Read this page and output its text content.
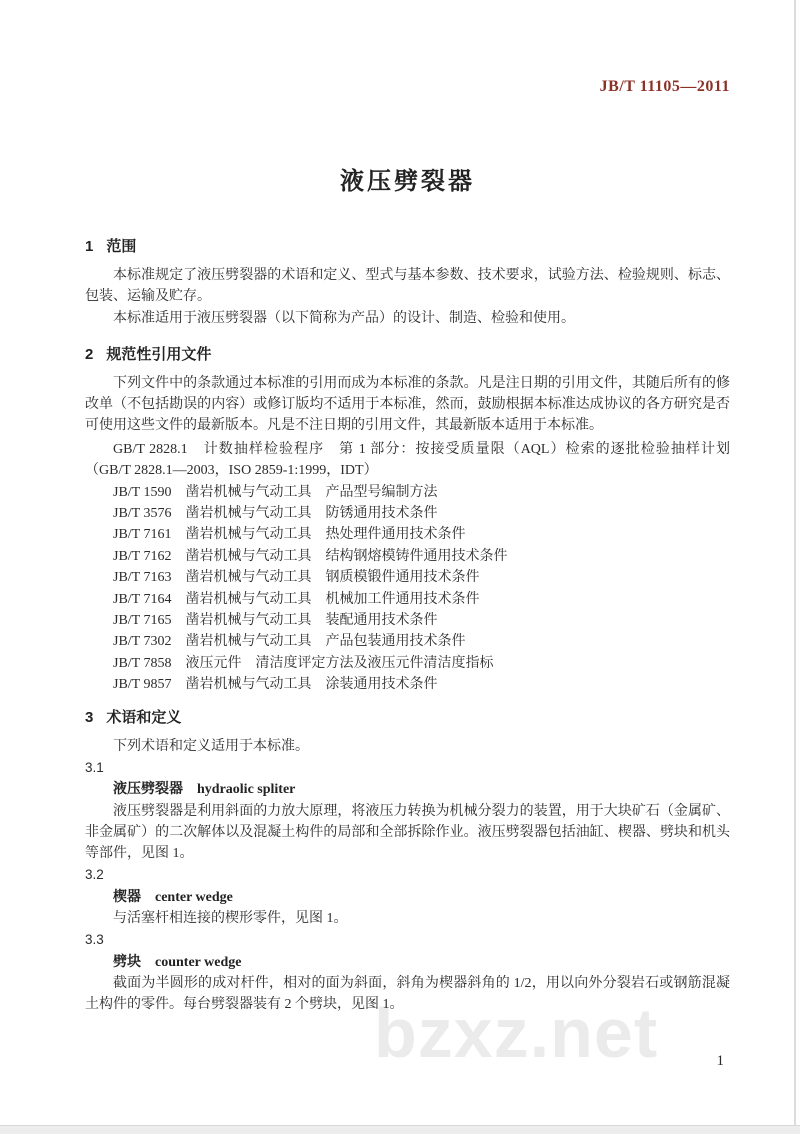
bzxz.net
JB/T 11105—2011
液压劈裂器
1 范围

本标准规定了液压劈裂器的术语和定义、型式与基本参数、技术要求，试验方法、检验规则、标志、包装、运输及贮存。

本标准适用于液压劈裂器（以下简称为产品）的设计、制造、检验和使用。

2 规范性引用文件

下列文件中的条款通过本标准的引用而成为本标准的条款。凡是注日期的引用文件，其随后所有的修改单（不包括勘误的内容）或修订版均不适用于本标准，然而，鼓励根据本标准达成协议的各方研究是否可使用这些文件的最新版本。凡是不注日期的引用文件，其最新版本适用于本标准。

GB/T 2828.1　计数抽样检验程序　第 1 部分：按接受质量限（AQL）检索的逐批检验抽样计划（GB/T 2828.1—2003，ISO 2859-1:1999，IDT）

JB/T 1590　凿岩机械与气动工具　产品型号编制方法

JB/T 3576　凿岩机械与气动工具　防锈通用技术条件

JB/T 7161　凿岩机械与气动工具　热处理件通用技术条件

JB/T 7162　凿岩机械与气动工具　结构钢熔模铸件通用技术条件

JB/T 7163　凿岩机械与气动工具　钢质模锻件通用技术条件

JB/T 7164　凿岩机械与气动工具　机械加工件通用技术条件

JB/T 7165　凿岩机械与气动工具　装配通用技术条件

JB/T 7302　凿岩机械与气动工具　产品包装通用技术条件

JB/T 7858　液压元件　清洁度评定方法及液压元件清洁度指标

JB/T 9857　凿岩机械与气动工具　涂装通用技术条件

3 术语和定义

下列术语和定义适用于本标准。

3.1

液压劈裂器 hydraolic spliter

液压劈裂器是利用斜面的力放大原理，将液压力转换为机械分裂力的装置，用于大块矿石（金属矿、非金属矿）的二次解体以及混凝土构件的局部和全部拆除作业。液压劈裂器包括油缸、楔器、劈块和机头等部件，见图 1。

3.2

楔器 center wedge

与活塞杆相连接的楔形零件，见图 1。

3.3

劈块 counter wedge

截面为半圆形的成对杆件，相对的面为斜面，斜角为楔器斜角的 1/2，用以向外分裂岩石或钢筋混凝土构件的零件。每台劈裂器装有 2 个劈块，见图 1。

1
